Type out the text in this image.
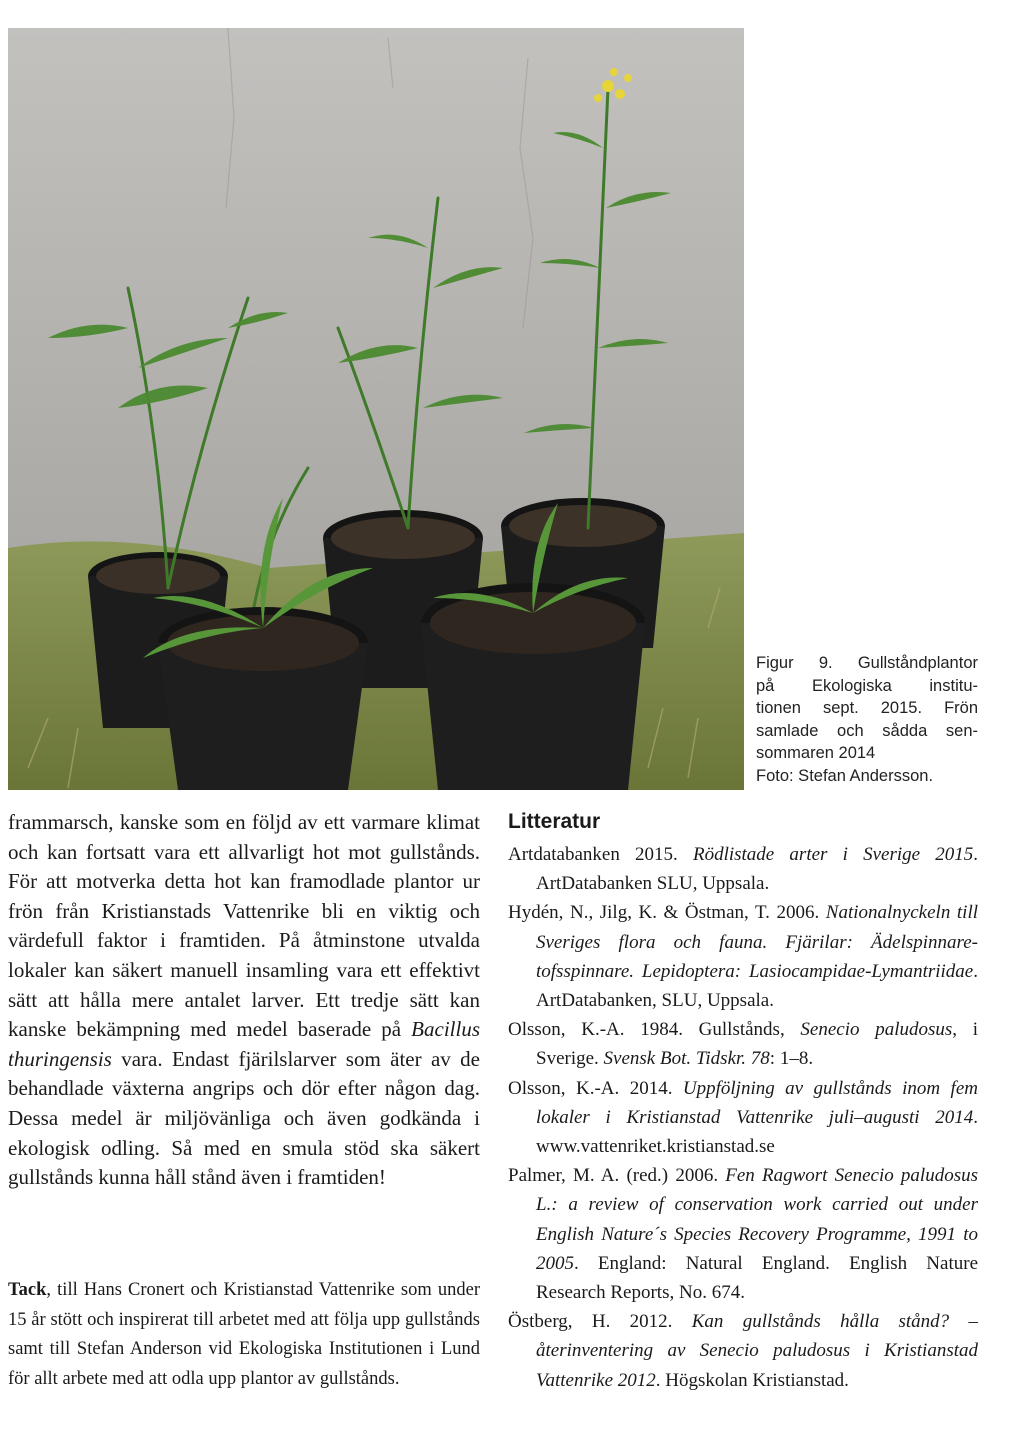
Figur 9. Gullståndplantor
på Ekologiska institu-
tionen sept. 2015. Frön
samlade och sådda sen-
sommaren 2014
Foto: Stefan Andersson.

frammarsch, kanske som en följd av ett varmare klimat och kan fortsatt vara ett allvarligt hot mot gullstånds. För att motverka detta hot kan framodlade plantor ur frön från Kristianstads Vattenrike bli en viktig och värdefull faktor i framtiden. På åtminstone utvalda lokaler kan säkert manuell insamling vara ett effektivt sätt att hålla mere antalet larver. Ett tredje sätt kan kanske bekämpning med medel baserade på Bacillus thuringensis vara. Endast fjärilslarver som äter av de behandlade växterna angrips och dör efter någon dag. Dessa medel är miljövänliga och även godkända i ekologisk odling. Så med en smula stöd ska säkert gullstånds kunna håll stånd även i framtiden!

Tack, till Hans Cronert och Kristianstad Vattenrike som under 15 år stött och inspirerat till arbetet med att följa upp gullstånds samt till Stefan Anderson vid Ekologiska Institutionen i Lund för allt arbete med att odla upp plantor av gullstånds.
Litteratur

Artdatabanken 2015. Rödlistade arter i Sverige 2015. ArtDatabanken SLU, Uppsala.

Hydén, N., Jilg, K. & Östman, T. 2006. Nationalnyckeln till Sveriges flora och fauna. Fjärilar: Ädelspinnare-tofsspinnare. Lepidoptera: Lasiocampidae-Lymantriidae. ArtDatabanken, SLU, Uppsala.

Olsson, K.-A. 1984. Gullstånds, Senecio paludosus, i Sverige. Svensk Bot. Tidskr. 78: 1–8.

Olsson, K.-A. 2014. Uppföljning av gullstånds inom fem lokaler i Kristianstad Vattenrike juli–augusti 2014. www.vattenriket.kristianstad.se

Palmer, M. A. (red.) 2006. Fen Ragwort Senecio paludosus L.: a review of conservation work carried out under English Nature´s Species Recovery Programme, 1991 to 2005. England: Natural England. English Nature Research Reports, No. 674.

Östberg, H. 2012. Kan gullstånds hålla stånd? – återinventering av Senecio paludosus i Kristianstad Vattenrike 2012. Högskolan Kristianstad.
